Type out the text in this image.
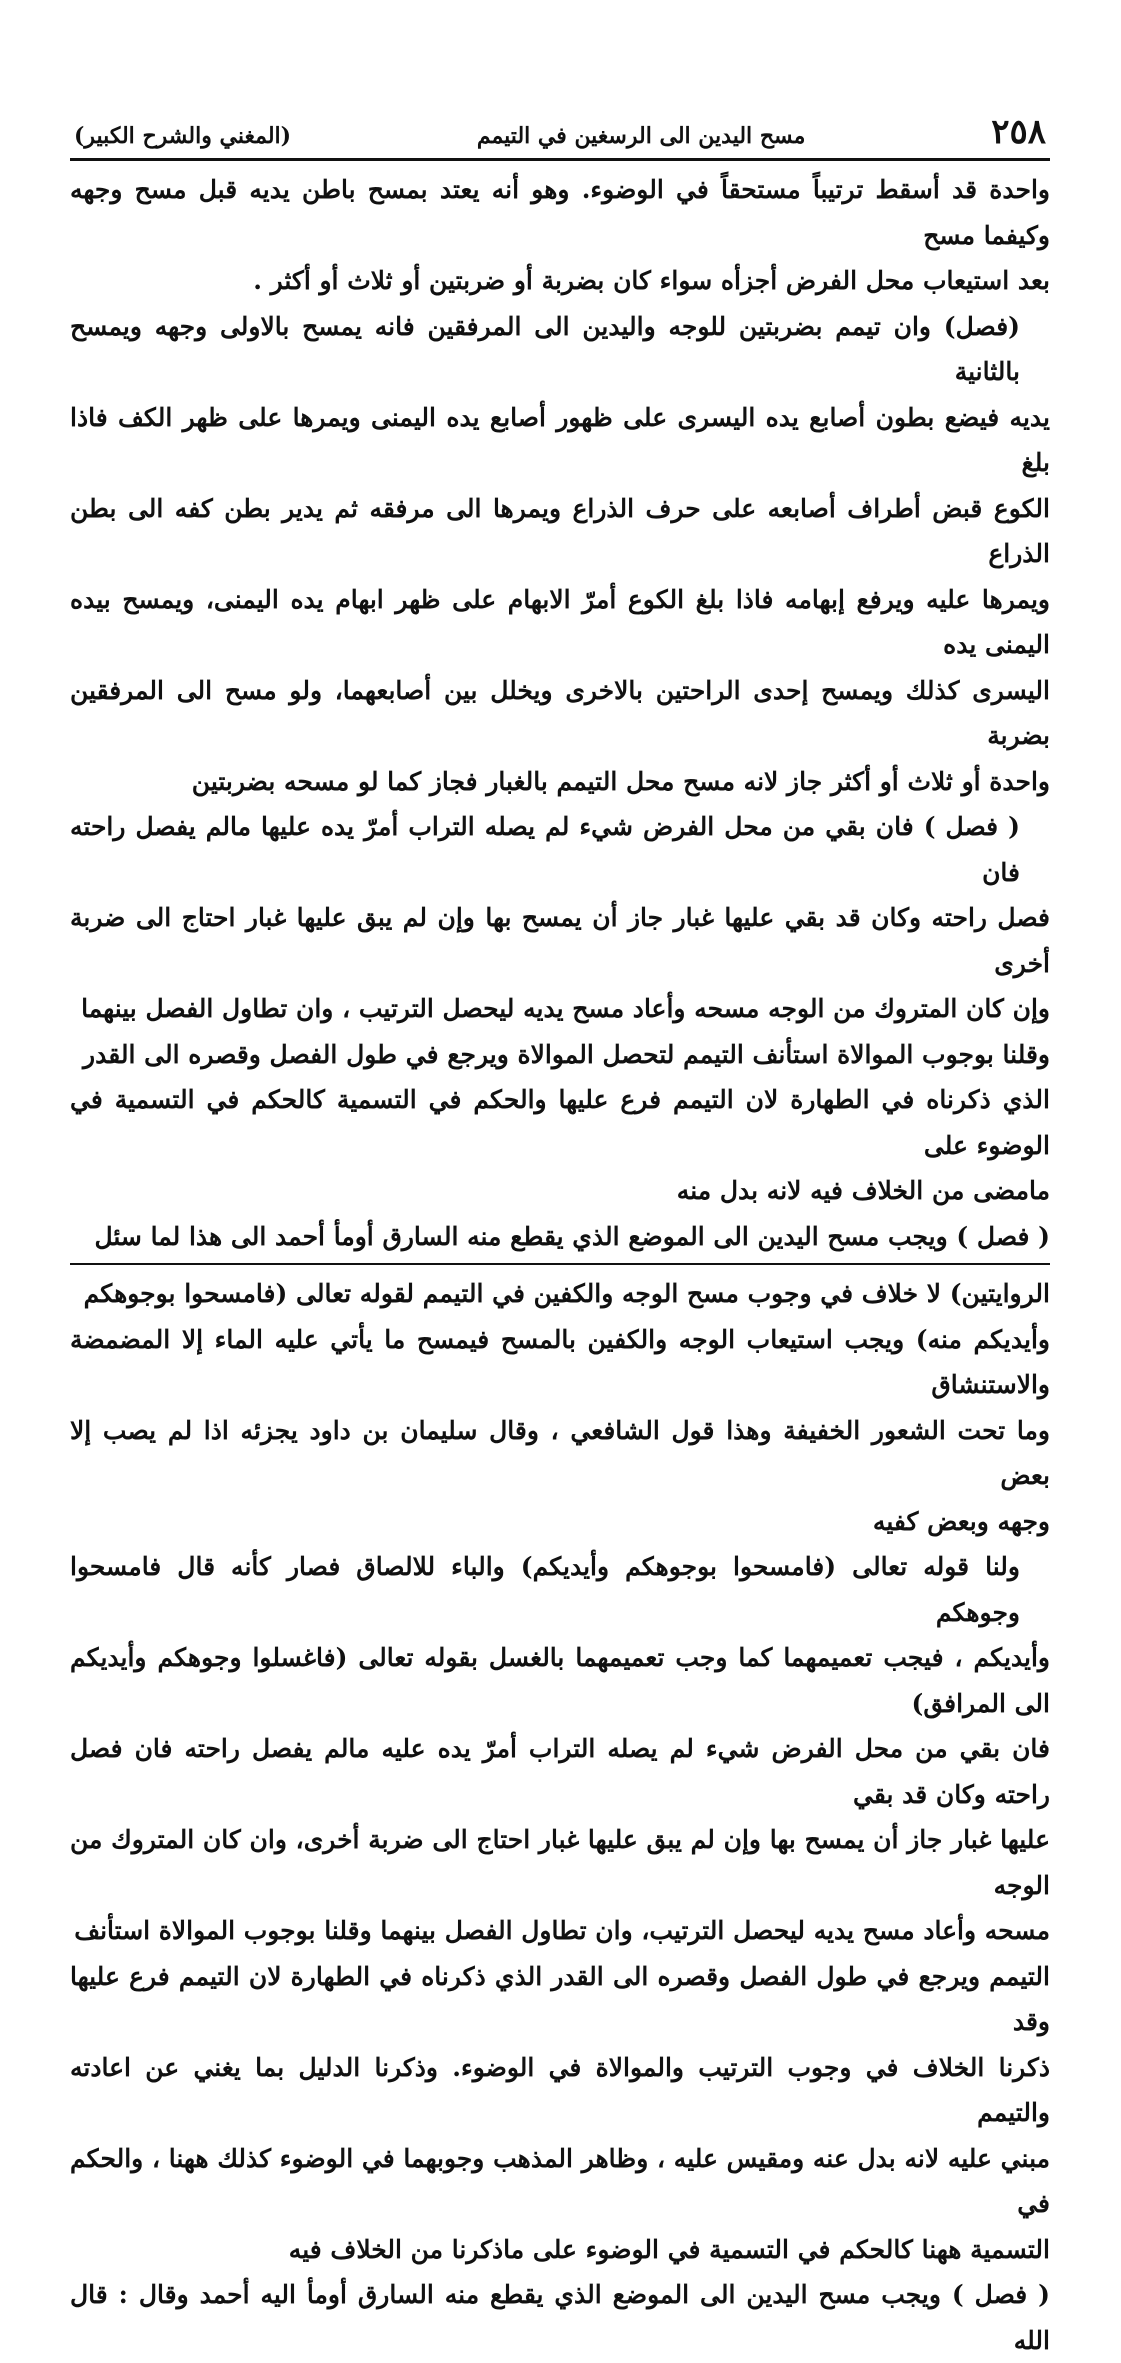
٢٥٨
مسح اليدين الى الرسغين في التيمم
(المغني والشرح الكبير)

واحدة قد أسقط ترتيباً مستحقاً في الوضوء. وهو أنه يعتد بمسح باطن يديه قبل مسح وجهه وكيفما مسح

بعد استيعاب محل الفرض أجزأه سواء كان بضربة أو ضربتين أو ثلاث أو أكثر .

(فصل) وان تيمم بضربتين للوجه واليدين الى المرفقين فانه يمسح بالاولى وجهه ويمسح بالثانية

يديه فيضع بطون أصابع يده اليسرى على ظهور أصابع يده اليمنى ويمرها على ظهر الكف فاذا بلغ

الكوع قبض أطراف أصابعه على حرف الذراع ويمرها الى مرفقه ثم يدير بطن كفه الى بطن الذراع

ويمرها عليه ويرفع إبهامه فاذا بلغ الكوع أمرّ الابهام على ظهر ابهام يده اليمنى، ويمسح بيده اليمنى يده

اليسرى كذلك ويمسح إحدى الراحتين بالاخرى ويخلل بين أصابعهما، ولو مسح الى المرفقين بضربة

واحدة أو ثلاث أو أكثر جاز لانه مسح محل التيمم بالغبار فجاز كما لو مسحه بضربتين

( فصل ) فان بقي من محل الفرض شيء لم يصله التراب أمرّ يده عليها مالم يفصل راحته فان

فصل راحته وكان قد بقي عليها غبار جاز أن يمسح بها وإن لم يبق عليها غبار احتاج الى ضربة أخرى

وإن كان المتروك من الوجه مسحه وأعاد مسح يديه ليحصل الترتيب ، وان تطاول الفصل بينهما

وقلنا بوجوب الموالاة استأنف التيمم لتحصل الموالاة ويرجع في طول الفصل وقصره الى القدر

الذي ذكرناه في الطهارة لان التيمم فرع عليها والحكم في التسمية كالحكم في التسمية في الوضوء على

مامضى من الخلاف فيه لانه بدل منه

( فصل ) ويجب مسح اليدين الى الموضع الذي يقطع منه السارق أومأ أحمد الى هذا لما سئل

الروايتين) لا خلاف في وجوب مسح الوجه والكفين في التيمم لقوله تعالى (فامسحوا بوجوهكم

وأيديكم منه) ويجب استيعاب الوجه والكفين بالمسح فيمسح ما يأتي عليه الماء إلا المضمضة والاستنشاق

وما تحت الشعور الخفيفة وهذا قول الشافعي ، وقال سليمان بن داود يجزئه اذا لم يصب إلا بعض

وجهه وبعض كفيه

ولنا قوله تعالى (فامسحوا بوجوهكم وأيديكم) والباء للالصاق فصار كأنه قال فامسحوا وجوهكم

وأيديكم ، فيجب تعميمهما كما وجب تعميمهما بالغسل بقوله تعالى (فاغسلوا وجوهكم وأيديكم الى المرافق)

فان بقي من محل الفرض شيء لم يصله التراب أمرّ يده عليه مالم يفصل راحته فان فصل راحته وكان قد بقي

عليها غبار جاز أن يمسح بها وإن لم يبق عليها غبار احتاج الى ضربة أخرى، وان كان المتروك من الوجه

مسحه وأعاد مسح يديه ليحصل الترتيب، وان تطاول الفصل بينهما وقلنا بوجوب الموالاة استأنف

التيمم ويرجع في طول الفصل وقصره الى القدر الذي ذكرناه في الطهارة لان التيمم فرع عليها وقد

ذكرنا الخلاف في وجوب الترتيب والموالاة في الوضوء. وذكرنا الدليل بما يغني عن اعادته والتيمم

مبني عليه لانه بدل عنه ومقيس عليه ، وظاهر المذهب وجوبهما في الوضوء كذلك ههنا ، والحكم في

التسمية ههنا كالحكم في التسمية في الوضوء على ماذكرنا من الخلاف فيه

( فصل ) ويجب مسح اليدين الى الموضع الذي يقطع منه السارق أومأ اليه أحمد وقال : قال الله
